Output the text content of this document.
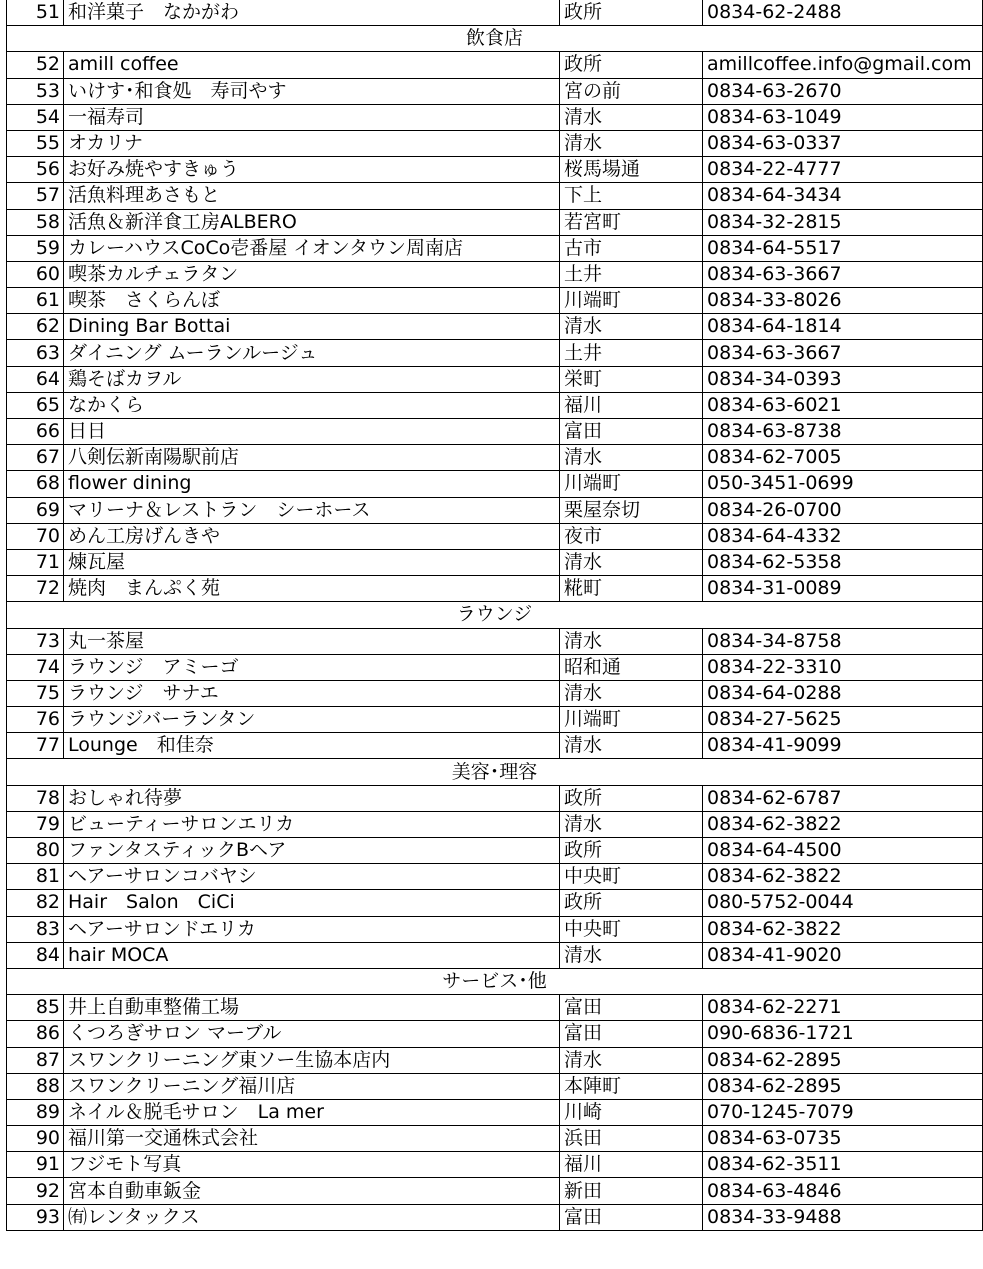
51	和洋菓子　なかがわ	政所	0834-62-2488
飲食店			
52	amill coffee	政所	amillcoffee.info@gmail.com
53	いけす･和食処　寿司やす	宮の前	0834-63-2670
54	一福寿司	清水	0834-63-1049
55	オカリナ	清水	0834-63-0337
56	お好み焼やすきゅう	桜馬場通	0834-22-4777
57	活魚料理あさもと	下上	0834-64-3434
58	活魚＆新洋食工房ALBERO	若宮町	0834-32-2815
59	カレーハウスCoCo壱番屋 イオンタウン周南店	古市	0834-64-5517
60	喫茶カルチェラタン	土井	0834-63-3667
61	喫茶　さくらんぼ	川端町	0834-33-8026
62	Dining Bar Bottai	清水	0834-64-1814
63	ダイニング ムーランルージュ	土井	0834-63-3667
64	鶏そばカヲル	栄町	0834-34-0393
65	なかくら	福川	0834-63-6021
66	日日	富田	0834-63-8738
67	八剣伝新南陽駅前店	清水	0834-62-7005
68	flower dining	川端町	050-3451-0699
69	マリーナ＆レストラン　シーホース	栗屋奈切	0834-26-0700
70	めん工房げんきや	夜市	0834-64-4332
71	煉瓦屋	清水	0834-62-5358
72	焼肉　まんぷく苑	糀町	0834-31-0089
ラウンジ			
73	丸一茶屋	清水	0834-34-8758
74	ラウンジ　アミーゴ	昭和通	0834-22-3310
75	ラウンジ　サナエ	清水	0834-64-0288
76	ラウンジバーランタン	川端町	0834-27-5625
77	Lounge　和佳奈	清水	0834-41-9099
美容･理容			
78	おしゃれ待夢	政所	0834-62-6787
79	ビューティーサロンエリカ	清水	0834-62-3822
80	ファンタスティックBヘア	政所	0834-64-4500
81	ヘアーサロンコバヤシ	中央町	0834-62-3822
82	Hair　Salon　CiCi	政所	080-5752-0044
83	ヘアーサロンドエリカ	中央町	0834-62-3822
84	hair MOCA	清水	0834-41-9020
サービス･他			
85	井上自動車整備工場	富田	0834-62-2271
86	くつろぎサロン マーブル	富田	090-6836-1721
87	スワンクリーニング東ソー生協本店内	清水	0834-62-2895
88	スワンクリーニング福川店	本陣町	0834-62-2895
89	ネイル＆脱毛サロン　La mer	川崎	070-1245-7079
90	福川第一交通株式会社	浜田	0834-63-0735
91	フジモト写真	福川	0834-62-3511
92	宮本自動車鈑金	新田	0834-63-4846
93	㈲レンタックス	富田	0834-33-9488
